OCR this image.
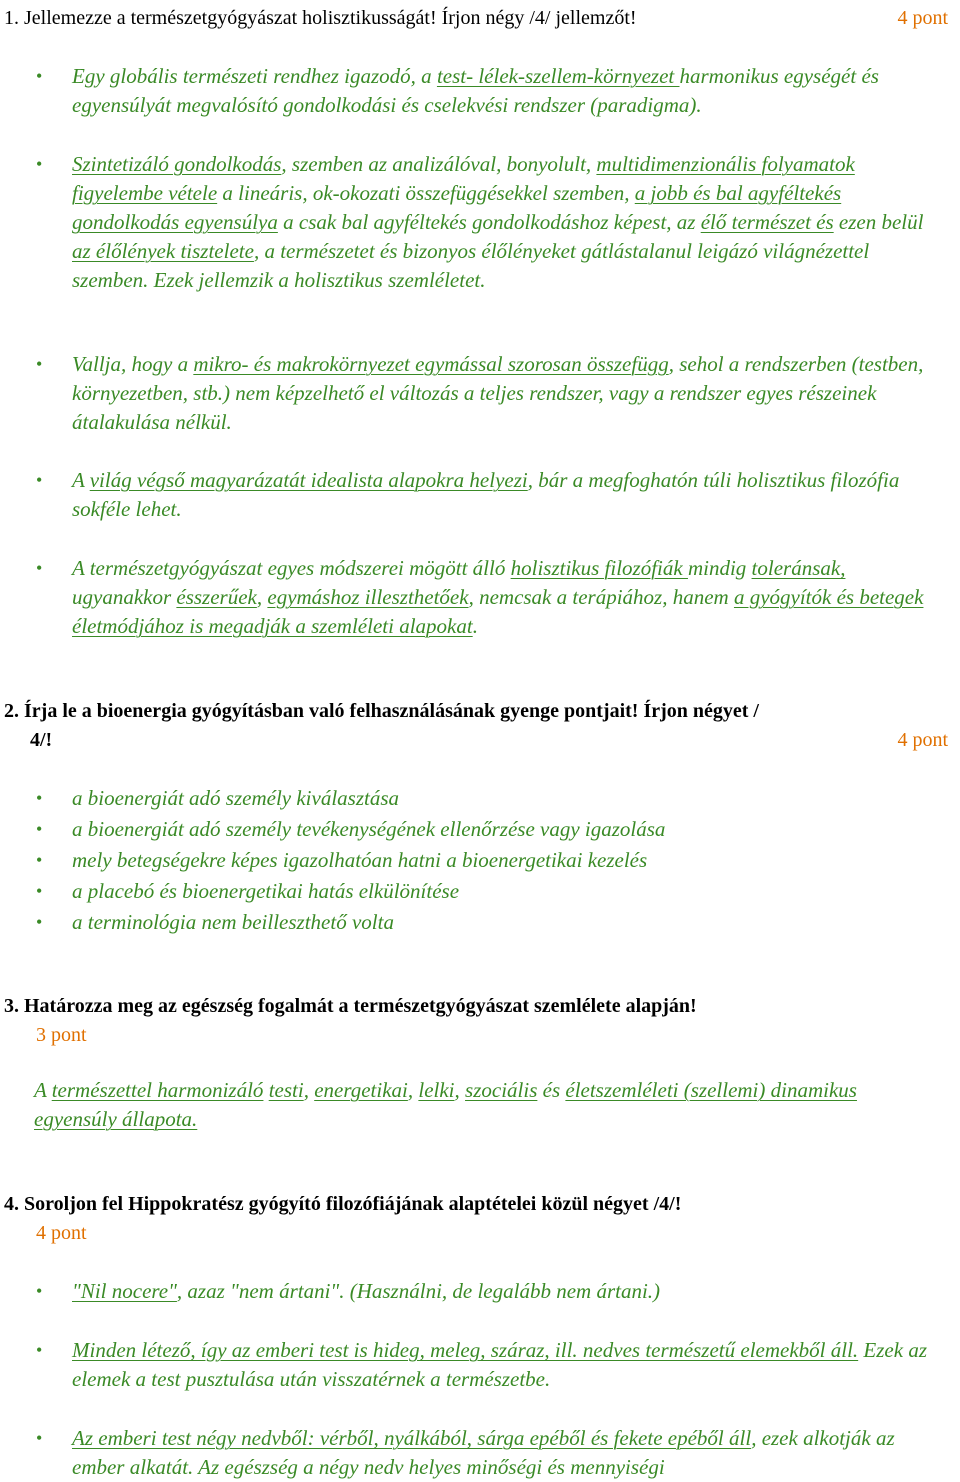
1. Jellemezze a természetgyógyászat holisztikusságát! Írjon négy /4/ jellemzőt!	4 pont
• Egy globális természeti rendhez igazodó, a test- lélek-szellem-környezet harmonikus egységét és egyensúlyát megvalósító gondolkodási és cselekvési rendszer (paradigma).
• Szintetizáló gondolkodás, szemben az analizálóval, bonyolult, multidimenzionális folyamatok figyelembe vétele a lineáris, ok-okozati összefüggésekkel szemben, a jobb és bal agyféltekés gondolkodás egyensúlya a csak bal agyféltekés gondolkodáshoz képest, az élő természet és ezen belül az élőlények tisztelete, a természetet és bizonyos élőlényeket gátlástalanul leigázó világnézettel szemben. Ezek jellemzik a holisztikus szemléletet.
• Vallja, hogy a mikro- és makrokörnyezet egymással szorosan összefügg, sehol a rendszerben (testben, környezetben, stb.) nem képzelhető el változás a teljes rendszer, vagy a rendszer egyes részeinek átalakulása nélkül.
• A világ végső magyarázatát idealista alapokra helyezi, bár a megfoghatón túli holisztikus filozófia sokféle lehet.
• A természetgyógyászat egyes módszerei mögött álló holisztikus filozófiák mindig toleránsak, ugyanakkor ésszerűek, egymáshoz illeszthetőek, nemcsak a terápiához, hanem a gyógyítók és betegek életmódjához is megadják a szemléleti alapokat.
2. Írja le a bioenergia gyógyításban való felhasználásának gyenge pontjait! Írjon négyet /
4/!	4 pont
• a bioenergiát adó személy kiválasztása
• a bioenergiát adó személy tevékenységének ellenőrzése vagy igazolása
• mely betegségekre képes igazolhatóan hatni a bioenergetikai kezelés
• a placebó és bioenergetikai hatás elkülönítése
• a terminológia nem beilleszthető volta
3. Határozza meg az egészség fogalmát a természetgyógyászat szemlélete alapján!
3 pont
A természettel harmonizáló testi, energetikai, lelki, szociális és életszemléleti (szellemi) dinamikus egyensúly állapota.
4. Soroljon fel Hippokratész gyógyító filozófiájának alaptételei közül négyet /4/!
4 pont
• "Nil nocere", azaz "nem ártani". (Használni, de legalább nem ártani.)
• Minden létező, így az emberi test is hideg, meleg, száraz, ill. nedves természetű elemekből áll. Ezek az elemek a test pusztulása után visszatérnek a természetbe.
• Az emberi test négy nedvből: vérből, nyálkából, sárga epéből és fekete epéből áll, ezek alkotják az ember alkatát. Az egészség a négy nedv helyes minőségi és mennyiségi
